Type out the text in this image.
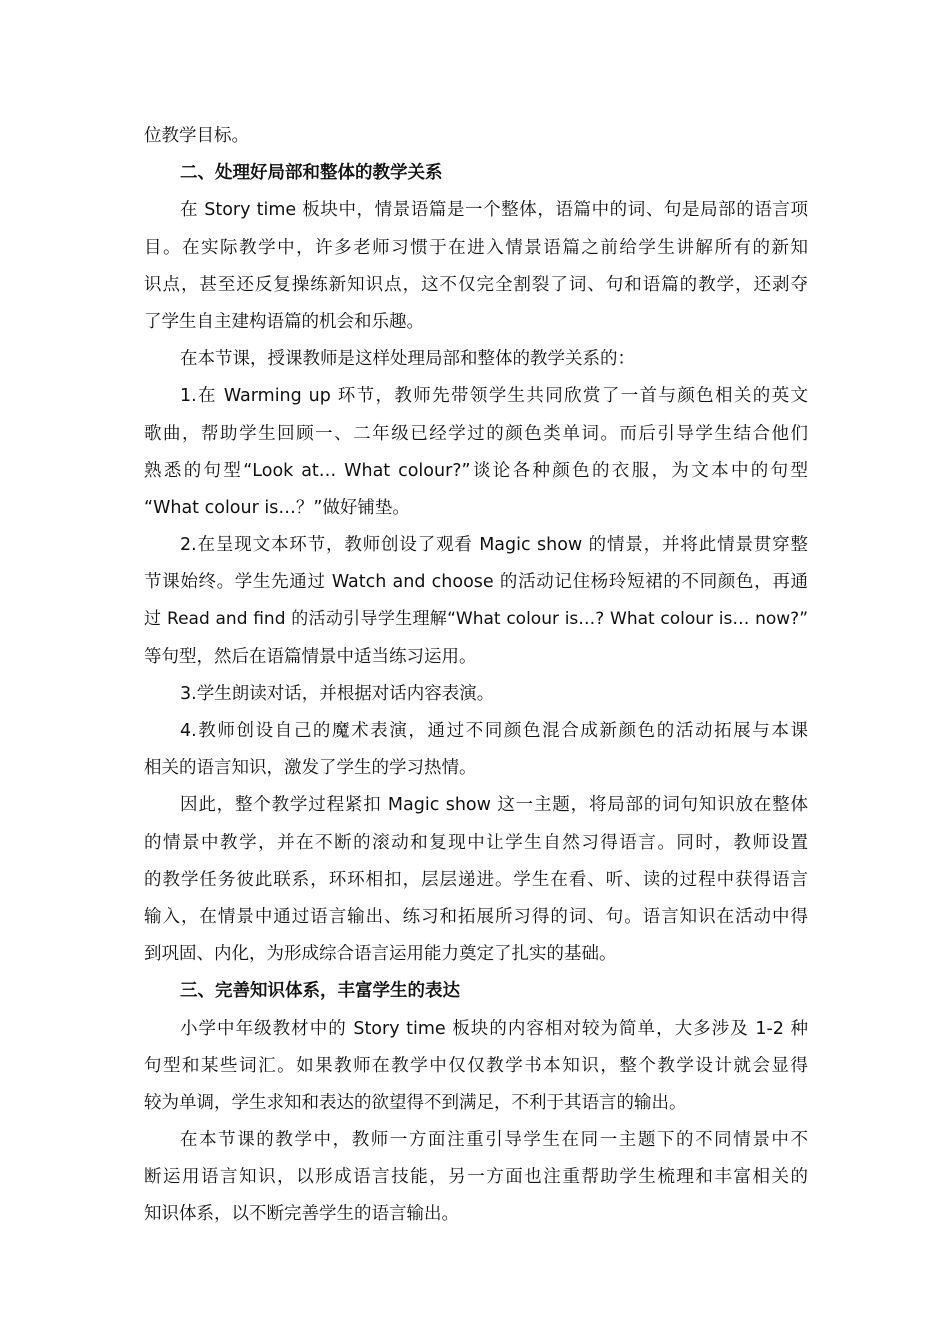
位教学目标。
二、处理好局部和整体的教学关系
在 Story time 板块中，情景语篇是一个整体，语篇中的词、句是局部的语言项
目。在实际教学中，许多老师习惯于在进入情景语篇之前给学生讲解所有的新知
识点，甚至还反复操练新知识点，这不仅完全割裂了词、句和语篇的教学，还剥夺
了学生自主建构语篇的机会和乐趣。
在本节课，授课教师是这样处理局部和整体的教学关系的：
1.在 Warming up 环节，教师先带领学生共同欣赏了一首与颜色相关的英文
歌曲，帮助学生回顾一、二年级已经学过的颜色类单词。而后引导学生结合他们
熟悉的句型“Look at… What colour?”谈论各种颜色的衣服，为文本中的句型
“What colour is…？”做好铺垫。
2.在呈现文本环节，教师创设了观看 Magic show 的情景，并将此情景贯穿整
节课始终。学生先通过 Watch and choose 的活动记住杨玲短裙的不同颜色，再通
过 Read and find 的活动引导学生理解“What colour is…? What colour is… now?”
等句型，然后在语篇情景中适当练习运用。
3.学生朗读对话，并根据对话内容表演。
4.教师创设自己的魔术表演，通过不同颜色混合成新颜色的活动拓展与本课
相关的语言知识，激发了学生的学习热情。
因此，整个教学过程紧扣 Magic show 这一主题，将局部的词句知识放在整体
的情景中教学，并在不断的滚动和复现中让学生自然习得语言。同时，教师设置
的教学任务彼此联系，环环相扣，层层递进。学生在看、听、读的过程中获得语言
输入，在情景中通过语言输出、练习和拓展所习得的词、句。语言知识在活动中得
到巩固、内化，为形成综合语言运用能力奠定了扎实的基础。
三、完善知识体系，丰富学生的表达
小学中年级教材中的 Story time 板块的内容相对较为简单，大多涉及 1-2 种
句型和某些词汇。如果教师在教学中仅仅教学书本知识，整个教学设计就会显得
较为单调，学生求知和表达的欲望得不到满足，不利于其语言的输出。
在本节课的教学中，教师一方面注重引导学生在同一主题下的不同情景中不
断运用语言知识，以形成语言技能，另一方面也注重帮助学生梳理和丰富相关的
知识体系，以不断完善学生的语言输出。
